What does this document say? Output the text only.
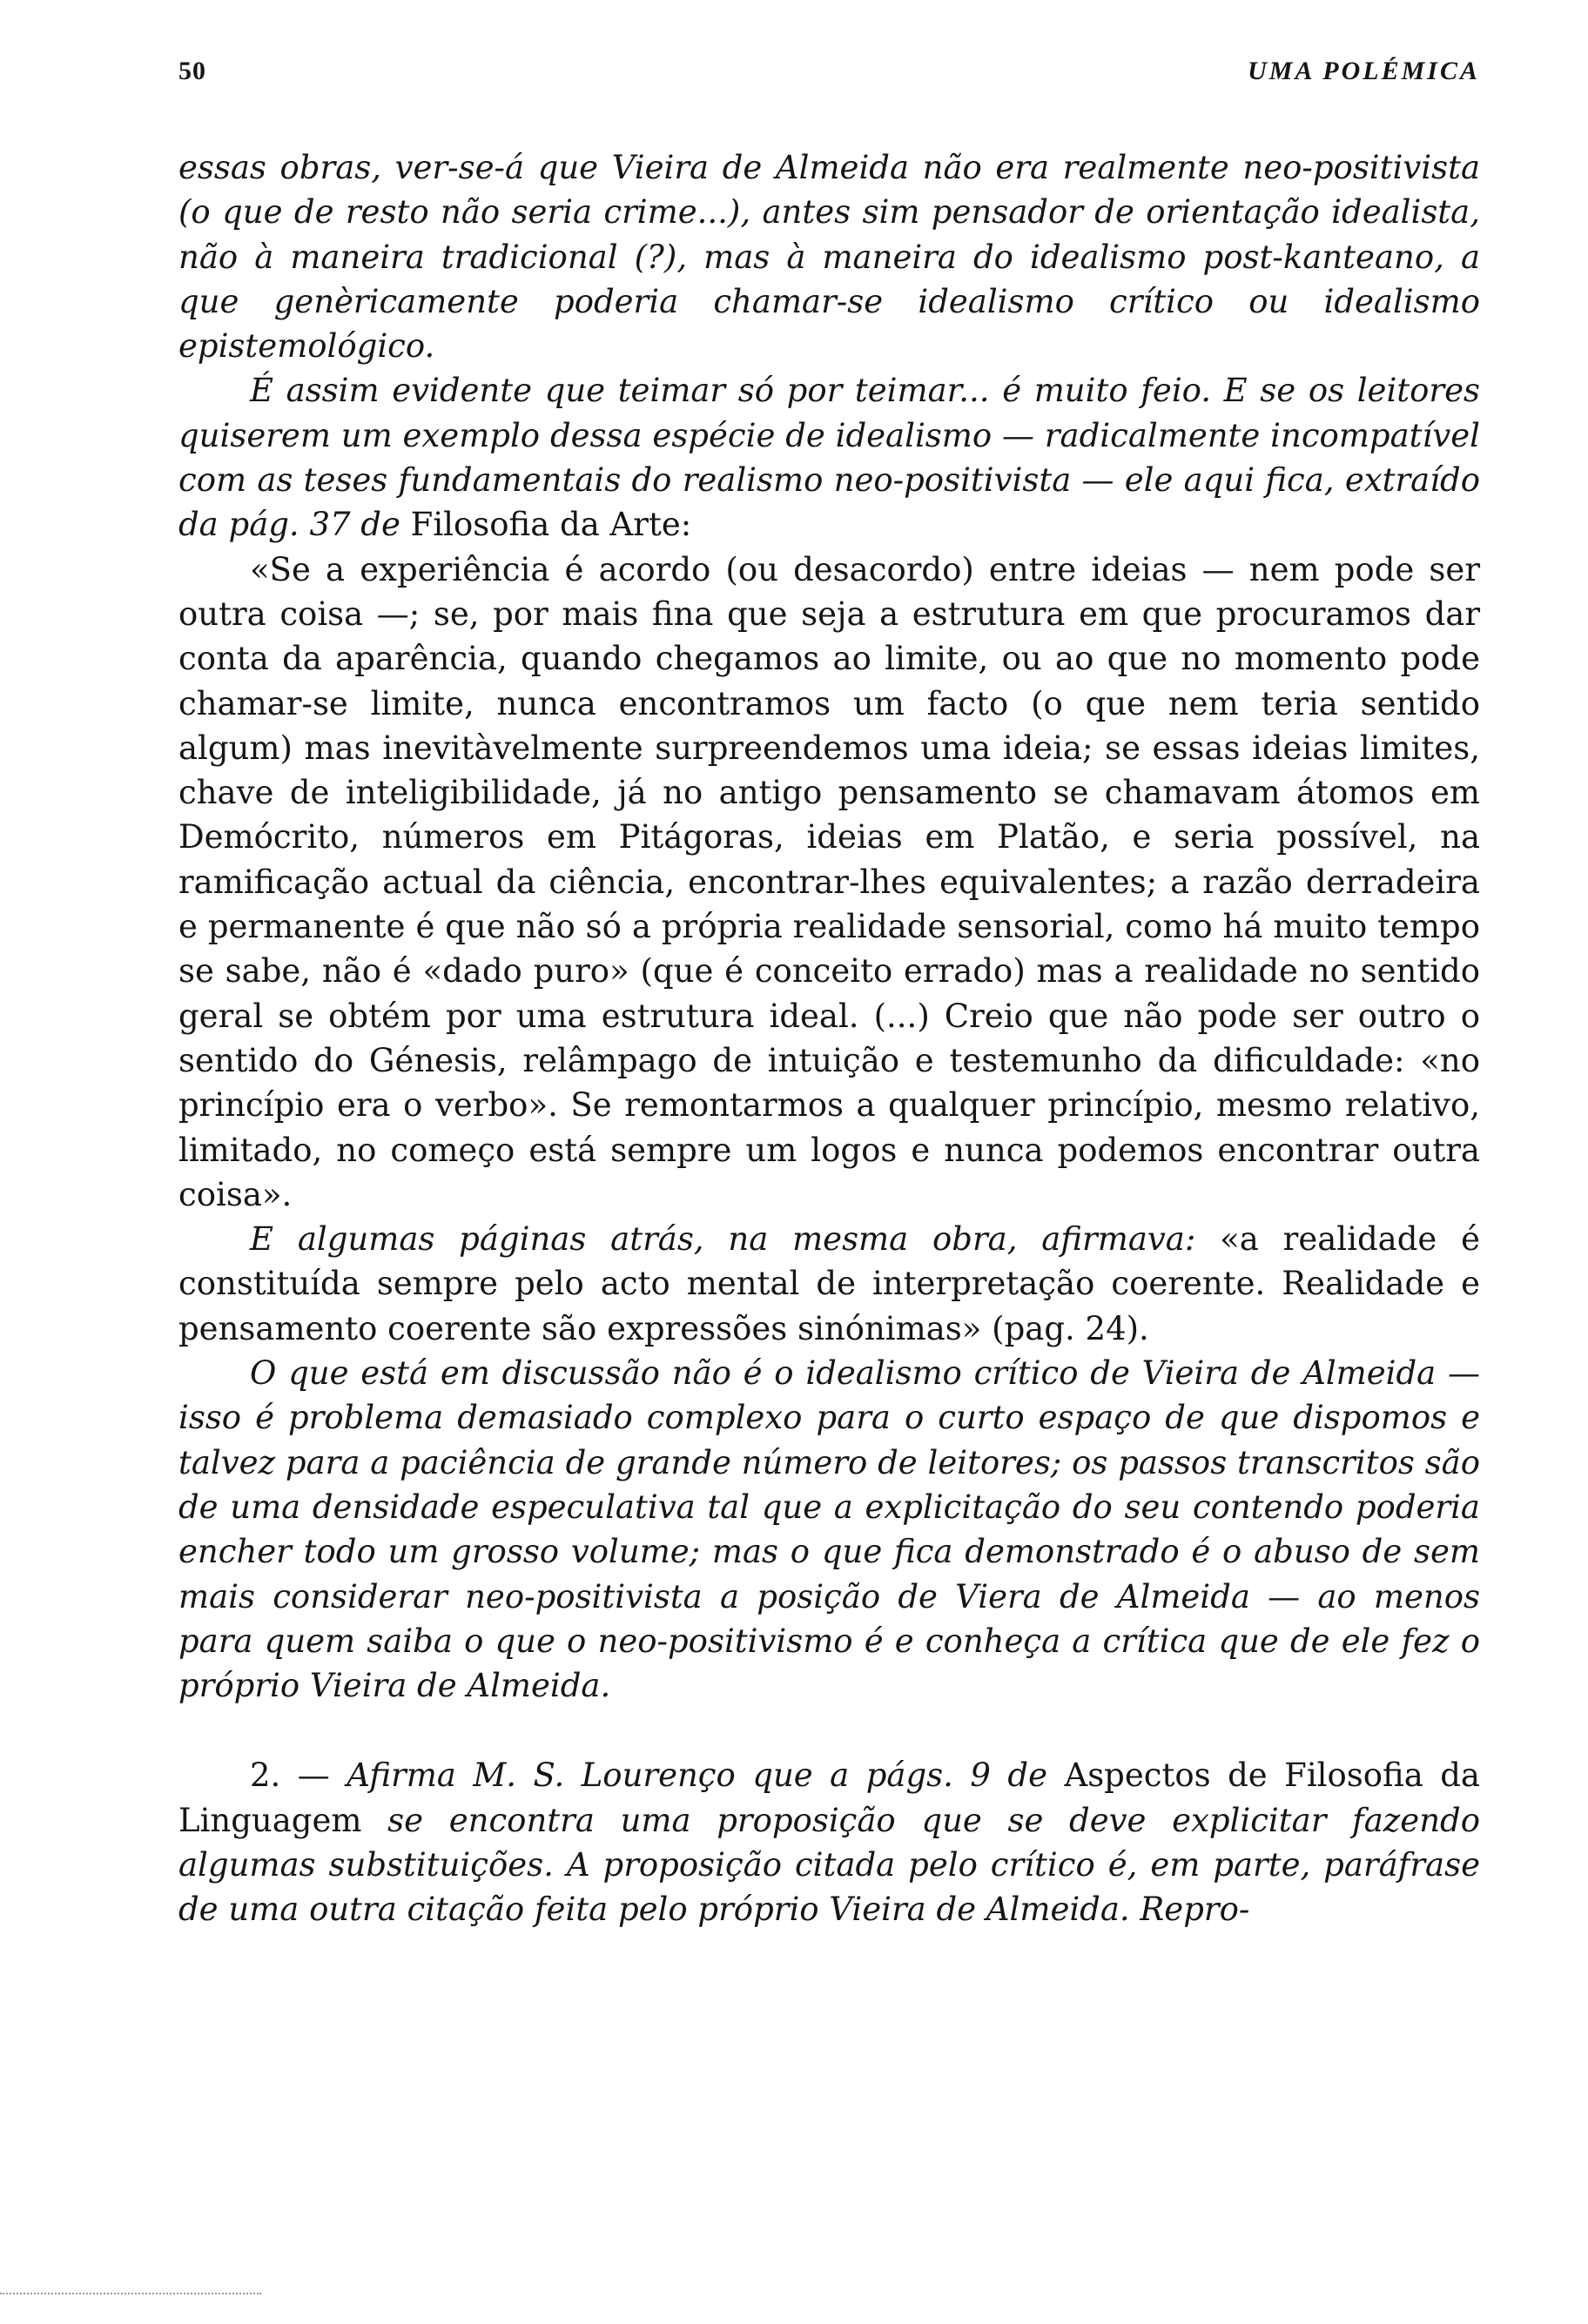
50	UMA POLÉMICA

essas obras, ver-se-á que Vieira de Almeida não era realmente neo-positivista (o que de resto não seria crime...), antes sim pensador de orientação idealista, não à maneira tradicional (?), mas à maneira do idealismo post-kanteano, a que genèricamente poderia chamar-se idealismo crítico ou idealismo epistemológico.

É assim evidente que teimar só por teimar... é muito feio. E se os leitores quiserem um exemplo dessa espécie de idealismo — radicalmente incompatível com as teses fundamentais do realismo neo-positivista — ele aqui fica, extraído da pág. 37 de Filosofia da Arte:

«Se a experiência é acordo (ou desacordo) entre ideias — nem pode ser outra coisa —; se, por mais fina que seja a estrutura em que procuramos dar conta da aparência, quando chegamos ao limite, ou ao que no momento pode chamar-se limite, nunca encontramos um facto (o que nem teria sentido algum) mas inevitàvelmente surpreendemos uma ideia; se essas ideias limites, chave de inteligibilidade, já no antigo pensamento se chamavam átomos em Demócrito, números em Pitágoras, ideias em Platão, e seria possível, na ramificação actual da ciência, encontrar-lhes equivalentes; a razão derradeira e permanente é que não só a própria realidade sensorial, como há muito tempo se sabe, não é «dado puro» (que é conceito errado) mas a realidade no sentido geral se obtém por uma estrutura ideal. (...) Creio que não pode ser outro o sentido do Génesis, relâmpago de intuição e testemunho da dificuldade: «no princípio era o verbo». Se remontarmos a qualquer princípio, mesmo relativo, limitado, no começo está sempre um logos e nunca podemos encontrar outra coisa».

E algumas páginas atrás, na mesma obra, afirmava: «a realidade é constituída sempre pelo acto mental de interpretação coerente. Realidade e pensamento coerente são expressões sinónimas» (pag. 24).

O que está em discussão não é o idealismo crítico de Vieira de Almeida — isso é problema demasiado complexo para o curto espaço de que dispomos e talvez para a paciência de grande número de leitores; os passos transcritos são de uma densidade especulativa tal que a explicitação do seu contendo poderia encher todo um grosso volume; mas o que fica demonstrado é o abuso de sem mais considerar neo-positivista a posição de Viera de Almeida — ao menos para quem saiba o que o neo-positivismo é e conheça a crítica que de ele fez o próprio Vieira de Almeida.

2. — Afirma M. S. Lourenço que a págs. 9 de Aspectos de Filosofia da Linguagem se encontra uma proposição que se deve explicitar fazendo algumas substituições. A proposição citada pelo crítico é, em parte, paráfrase de uma outra citação feita pelo próprio Vieira de Almeida. Repro-
